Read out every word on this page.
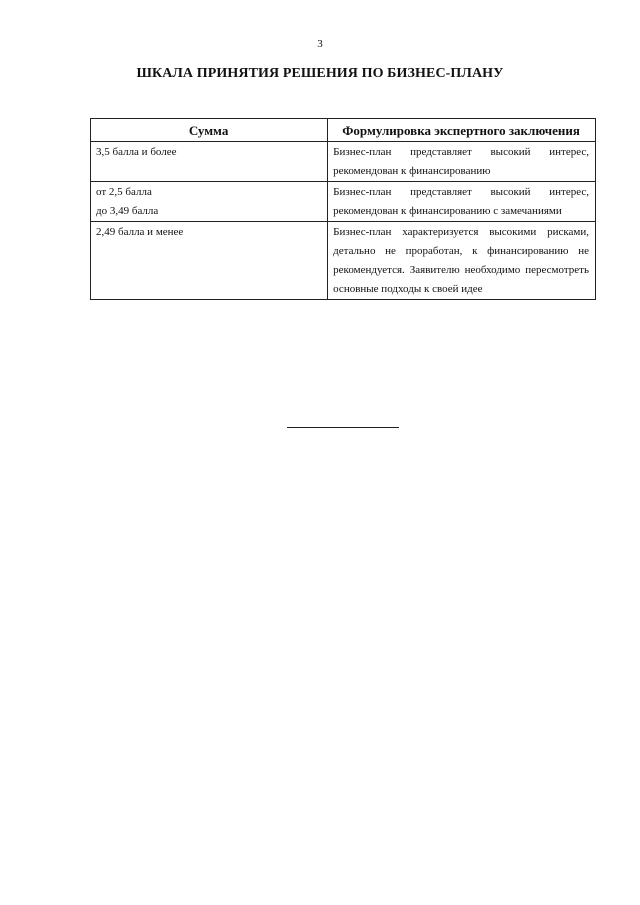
3
ШКАЛА ПРИНЯТИЯ РЕШЕНИЯ ПО БИЗНЕС-ПЛАНУ
Сумма	Формулировка экспертного заключения

3,5 балла и более	Бизнес-план представляет высокий интерес, рекомендован к финансированию

от 2,5 балла
до 3,49 балла	Бизнес-план представляет высокий интерес, рекомендован к финансированию с замечаниями

2,49 балла и менее	Бизнес-план характеризуется высокими рисками, детально не проработан, к финансированию не рекомендуется. Заявителю необходимо пересмотреть основные подходы к своей идее
